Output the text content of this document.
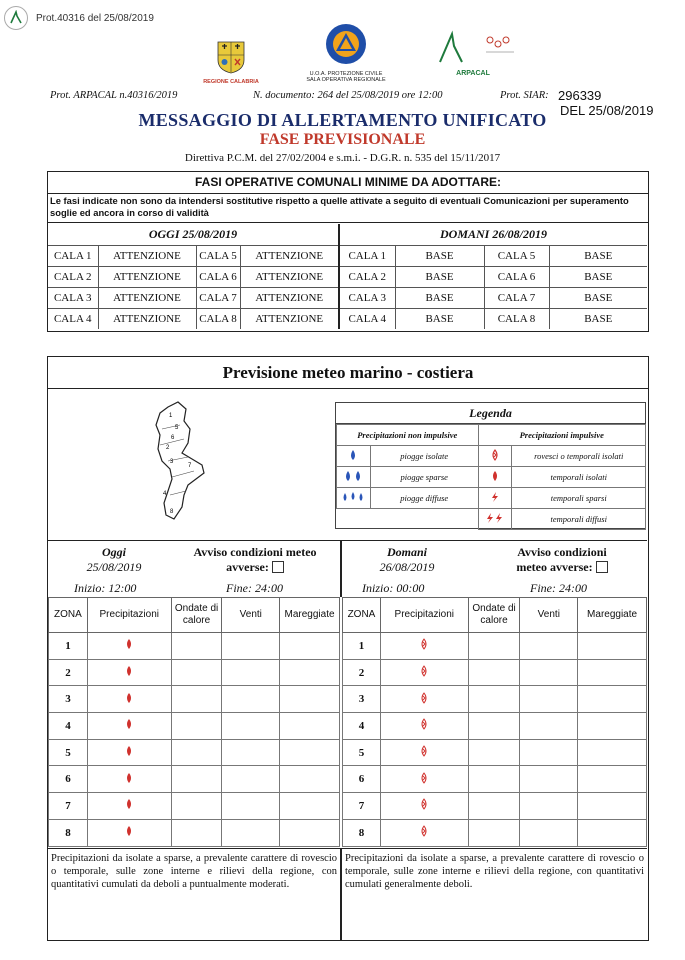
Prot.40316 del 25/08/2019
REGIONE CALABRIA
U.O.A. PROTEZIONE CIVILE
SALA OPERATIVA REGIONALE
ARPACAL
Prot. ARPACAL n.40316/2019	N. documento: 264 del 25/08/2019 ore 12:00	Prot. SIAR: 296339
DEL 25/08/2019
MESSAGGIO DI ALLERTAMENTO UNIFICATO
FASE PREVISIONALE
Direttiva P.C.M. del 27/02/2004 e s.m.i. - D.G.R. n. 535 del 15/11/2017
FASI OPERATIVE COMUNALI MINIME DA ADOTTARE:
Le fasi indicate non sono da intendersi sostitutive rispetto a quelle attivate a seguito di eventuali Comunicazioni per superamento soglie ed ancora in corso di validità
OGGI 25/08/2019				DOMANI 26/08/2019			
CALA 1	ATTENZIONE	CALA 5	ATTENZIONE	CALA 1	BASE	CALA 5	BASE
CALA 2	ATTENZIONE	CALA 6	ATTENZIONE	CALA 2	BASE	CALA 6	BASE
CALA 3	ATTENZIONE	CALA 7	ATTENZIONE	CALA 3	BASE	CALA 7	BASE
CALA 4	ATTENZIONE	CALA 8	ATTENZIONE	CALA 4	BASE	CALA 8	BASE
Previsione meteo marino - costiera
1
5
6
2
3
7
4
8
Legenda
Precipitazioni non impulsive		Precipitazioni impulsive	
	piogge isolate		rovesci o temporali isolati
	piogge sparse		temporali isolati
	piogge diffuse		temporali sparsi
		temporali diffusi
Oggi
25/08/2019
Avviso condizioni meteo
avverse:
Inizio: 12:00	Fine: 24:00
Domani
26/08/2019
Avviso condizioni
meteo avverse:
Inizio: 00:00	Fine: 24:00
ZONA	Precipitazioni	Ondate di calore	Venti	Mareggiate
1				
2				
3				
4				
5				
6				
7				
8				
ZONA	Precipitazioni	Ondate di calore	Venti	Mareggiate
1				
2				
3				
4				
5				
6				
7				
8				
Precipitazioni da isolate a sparse, a prevalente carattere di rovescio o temporale, sulle zone interne e rilievi della regione, con quantitativi cumulati da deboli a puntualmente moderati.
Precipitazioni da isolate a sparse, a prevalente carattere di rovescio o temporale, sulle zone interne e rilievi della regione, con quantitativi cumulati generalmente deboli.
